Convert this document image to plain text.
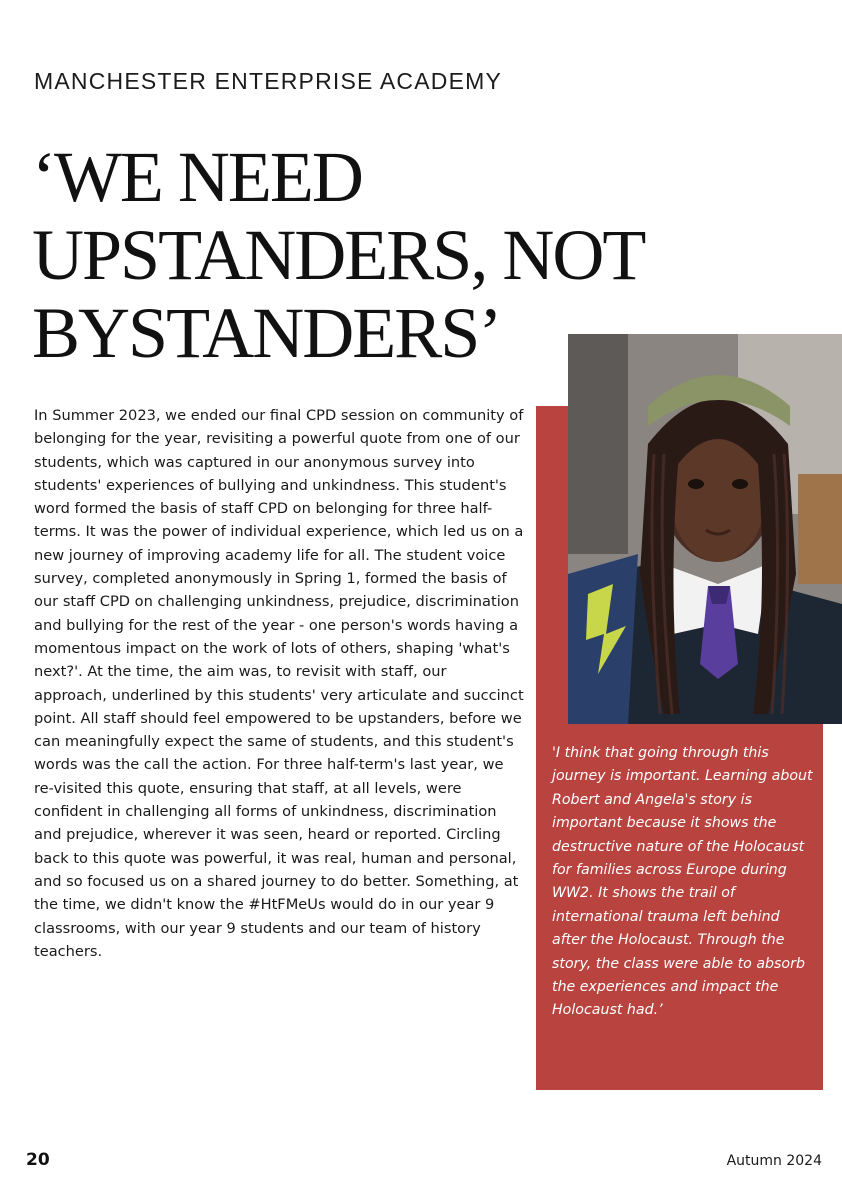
MANCHESTER ENTERPRISE ACADEMY
‘WE NEED
UPSTANDERS, NOT
BYSTANDERS’

In Summer 2023, we ended our final CPD session on community of belonging for the year, revisiting a powerful quote from one of our students, which was captured in our anonymous survey into students' experiences of bullying and unkindness. This student's word formed the basis of staff CPD on belonging for three half-terms. It was the power of individual experience, which led us on a new journey of improving academy life for all. The student voice survey, completed anonymously in Spring 1, formed the basis of our staff CPD on challenging unkindness, prejudice, discrimination and bullying for the rest of the year - one person's words having a momentous impact on the work of lots of others, shaping 'what's next?'. At the time, the aim was, to revisit with staff, our approach, underlined by this students' very articulate and succinct point. All staff should feel empowered to be upstanders, before we can meaningfully expect the same of students, and this student's words was the call the action. For three half-term's last year, we re-visited this quote, ensuring that staff, at all levels, were confident in challenging all forms of unkindness, discrimination and prejudice, wherever it was seen, heard or reported. Circling back to this quote was powerful, it was real, human and personal, and so focused us on a shared journey to do better. Something, at the time, we didn't know the #HtFMeUs would do in our year 9 classrooms, with our year 9 students and our team of history teachers.

'I think that going through this journey is important. Learning about Robert and Angela's story is important because it shows the destructive nature of the Holocaust for families across Europe during WW2. It shows the trail of international trauma left behind after the Holocaust. Through the story, the class were able to absorb the experiences and impact the Holocaust had.’

20	Autumn 2024
